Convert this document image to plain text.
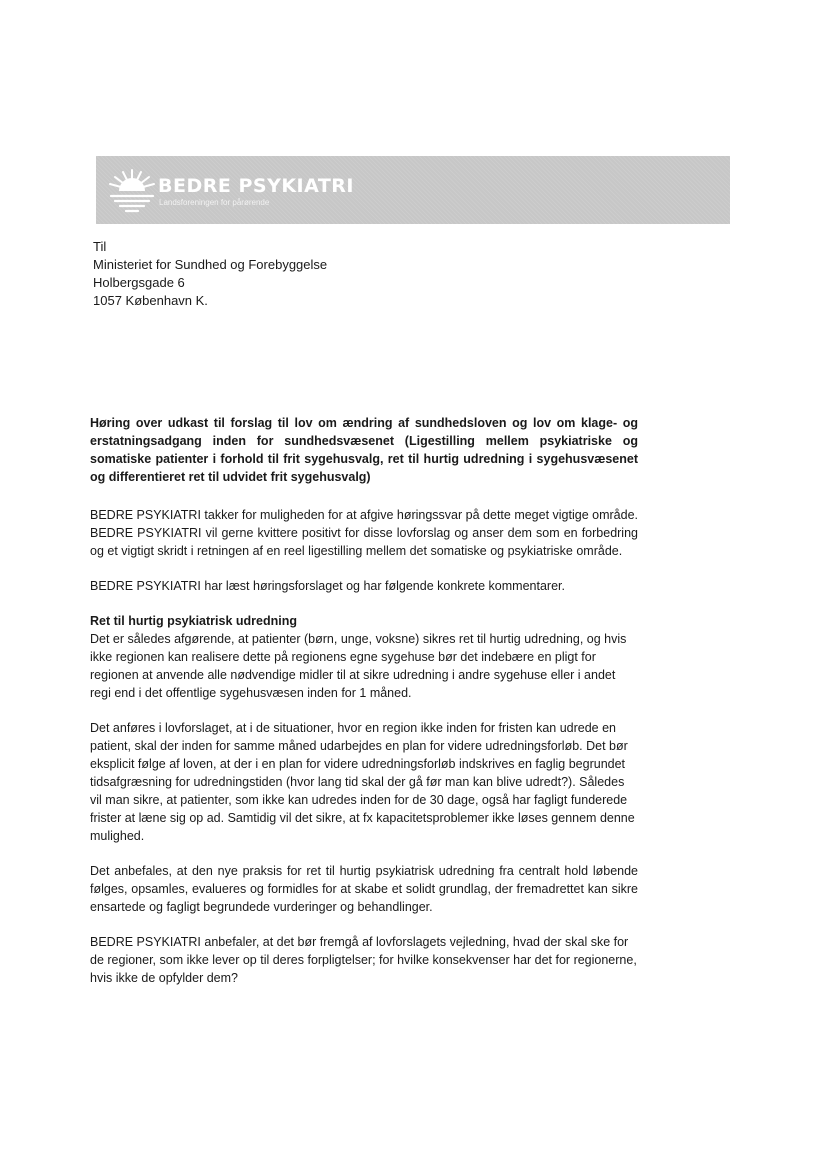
BEDRE PSYKIATRI
Landsforeningen for pårørende
Til
Ministeriet for Sundhed og Forebyggelse
Holbergsgade 6
1057 København K.

Høring over udkast til forslag til lov om ændring af sundhedsloven og lov om klage- og erstatningsadgang inden for sundhedsvæsenet (Ligestilling mellem psykiatriske og somatiske patienter i forhold til frit sygehusvalg, ret til hurtig udredning i sygehusvæsenet og differentieret ret til udvidet frit sygehusvalg)

BEDRE PSYKIATRI takker for muligheden for at afgive høringssvar på dette meget vigtige område. BEDRE PSYKIATRI vil gerne kvittere positivt for disse lovforslag og anser dem som en forbedring og et vigtigt skridt i retningen af en reel ligestilling mellem det somatiske og psykiatriske område.

BEDRE PSYKIATRI har læst høringsforslaget og har følgende konkrete kommentarer.

Ret til hurtig psykiatrisk udredning

Det er således afgørende, at patienter (børn, unge, voksne) sikres ret til hurtig udredning, og hvis ikke regionen kan realisere dette på regionens egne sygehuse bør det indebære en pligt for regionen at anvende alle nødvendige midler til at sikre udredning i andre sygehuse eller i andet regi end i det offentlige sygehusvæsen inden for 1 måned.

Det anføres i lovforslaget, at i de situationer, hvor en region ikke inden for fristen kan udrede en patient, skal der inden for samme måned udarbejdes en plan for videre udredningsforløb. Det bør eksplicit følge af loven, at der i en plan for videre udredningsforløb indskrives en faglig begrundet tidsafgræsning for udredningstiden (hvor lang tid skal der gå før man kan blive udredt?). Således vil man sikre, at patienter, som ikke kan udredes inden for de 30 dage, også har fagligt funderede frister at læne sig op ad. Samtidig vil det sikre, at fx kapacitetsproblemer ikke løses gennem denne mulighed.

Det anbefales, at den nye praksis for ret til hurtig psykiatrisk udredning fra centralt hold løbende følges, opsamles, evalueres og formidles for at skabe et solidt grundlag, der fremadrettet kan sikre ensartede og fagligt begrundede vurderinger og behandlinger.

BEDRE PSYKIATRI anbefaler, at det bør fremgå af lovforslagets vejledning, hvad der skal ske for de regioner, som ikke lever op til deres forpligtelser; for hvilke konsekvenser har det for regionerne, hvis ikke de opfylder dem?
